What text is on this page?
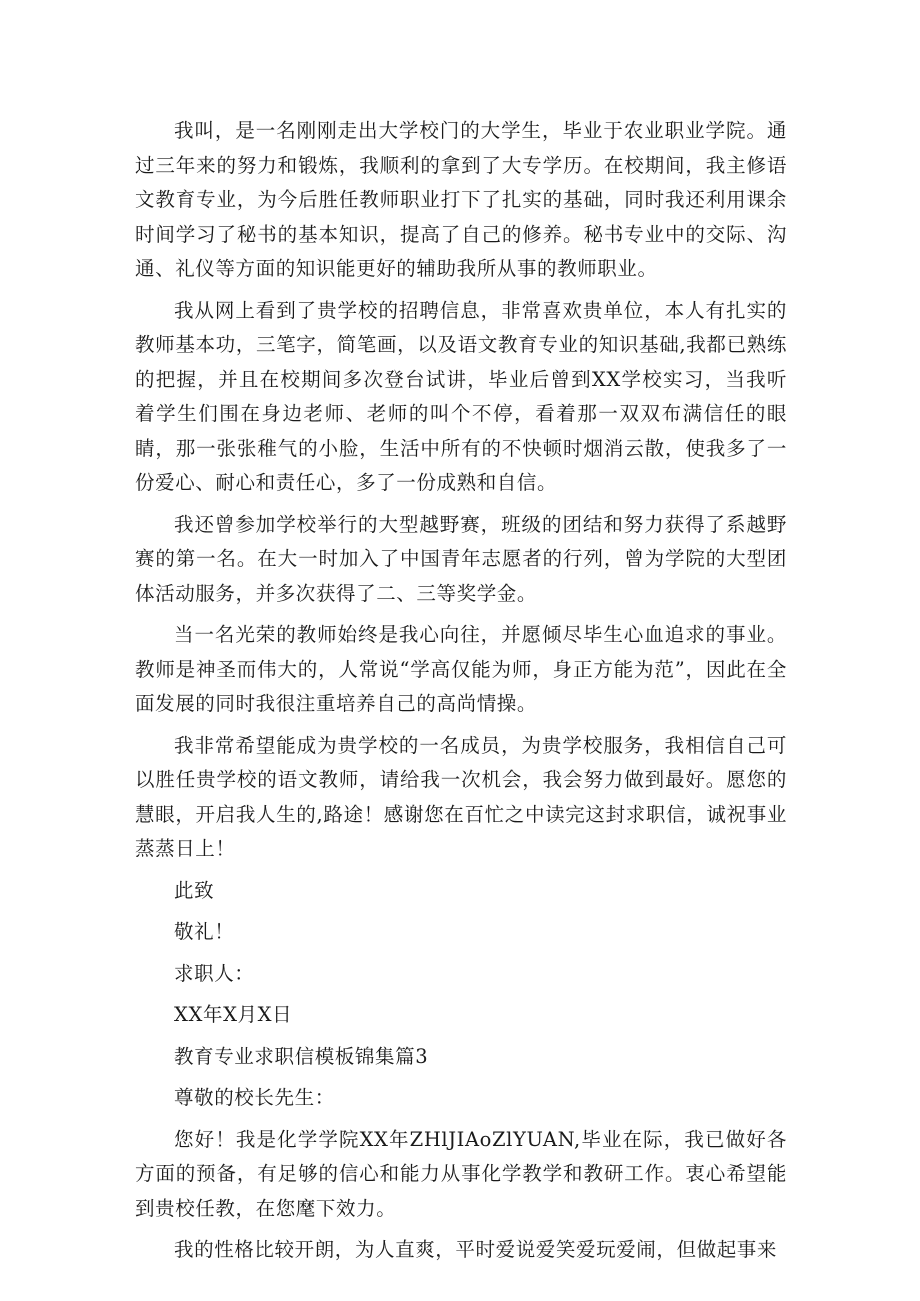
我叫，是一名刚刚走出大学校门的大学生，毕业于农业职业学院。通过三年来的努力和锻炼，我顺利的拿到了大专学历。在校期间，我主修语文教育专业，为今后胜任教师职业打下了扎实的基础，同时我还利用课余时间学习了秘书的基本知识，提高了自己的修养。秘书专业中的交际、沟通、礼仪等方面的知识能更好的辅助我所从事的教师职业。

我从网上看到了贵学校的招聘信息，非常喜欢贵单位，本人有扎实的教师基本功，三笔字，简笔画，以及语文教育专业的知识基础,我都已熟练的把握，并且在校期间多次登台试讲，毕业后曾到XX学校实习，当我听着学生们围在身边老师、老师的叫个不停，看着那一双双布满信任的眼睛，那一张张稚气的小脸，生活中所有的不快顿时烟消云散，使我多了一份爱心、耐心和责任心，多了一份成熟和自信。

我还曾参加学校举行的大型越野赛，班级的团结和努力获得了系越野赛的第一名。在大一时加入了中国青年志愿者的行列，曾为学院的大型团体活动服务，并多次获得了二、三等奖学金。

当一名光荣的教师始终是我心向往，并愿倾尽毕生心血追求的事业。教师是神圣而伟大的，人常说“学高仅能为师，身正方能为范”，因此在全面发展的同时我很注重培养自己的高尚情操。

我非常希望能成为贵学校的一名成员，为贵学校服务，我相信自己可以胜任贵学校的语文教师，请给我一次机会，我会努力做到最好。愿您的慧眼，开启我人生的,路途！感谢您在百忙之中读完这封求职信，诚祝事业蒸蒸日上！

此致
敬礼！
求职人：
XX年X月X日
教育专业求职信模板锦集篇3
尊敬的校长先生：

您好！我是化学学院XX年ZHlJIAoZlYUAN,毕业在际，我已做好各方面的预备，有足够的信心和能力从事化学教学和教研工作。衷心希望能到贵校任教，在您麾下效力。

我的性格比较开朗，为人直爽，平时爱说爱笑爱玩爱闹，但做起事来
